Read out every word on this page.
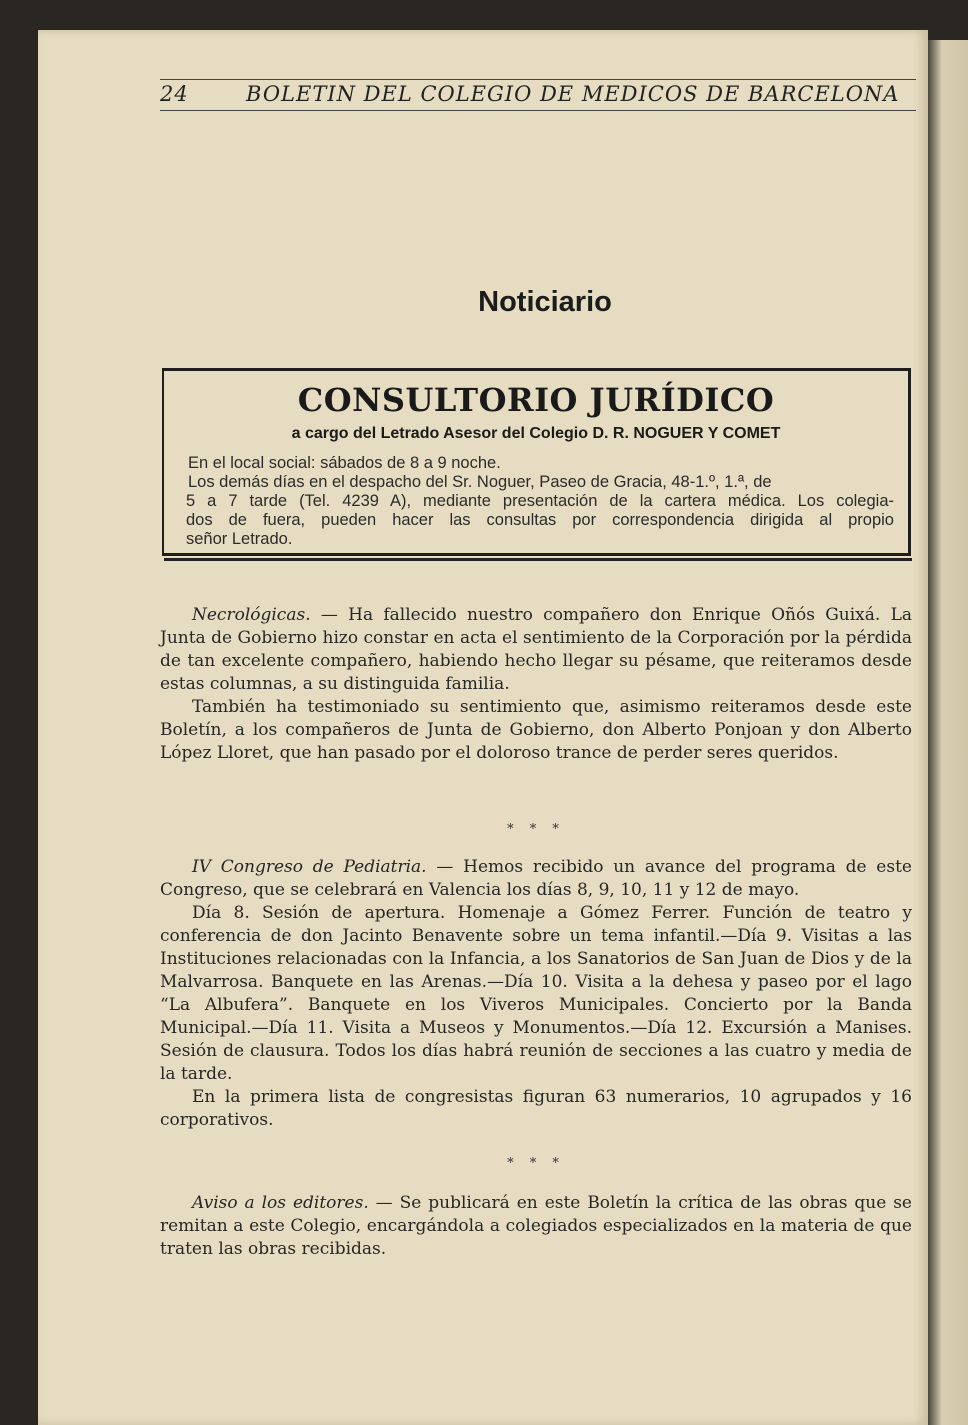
24	BOLETIN DEL COLEGIO DE MEDICOS DE BARCELONA
Noticiario
CONSULTORIO JURÍDICO
a cargo del Letrado Asesor del Colegio D. R. NOGUER Y COMET
En el local social: sábados de 8 a 9 noche.
Los demás días en el despacho del Sr. Noguer, Paseo de Gracia, 48-1.º, 1.ª, de
5 a 7 tarde (Tel. 4239 A), mediante presentación de la cartera médica. Los colegia-
dos de fuera, pueden hacer las consultas por correspondencia dirigida al propio
señor Letrado.

Necrológicas. — Ha fallecido nuestro compañero don Enrique Oñós Guixá. La Junta de Gobierno hizo constar en acta el sentimiento de la Corporación por la pérdida de tan excelente compañero, habiendo hecho llegar su pésame, que reiteramos desde estas columnas, a su distinguida familia.

También ha testimoniado su sentimiento que, asimismo reiteramos desde este Boletín, a los compañeros de Junta de Gobierno, don Alberto Ponjoan y don Alberto López Lloret, que han pasado por el doloroso trance de perder seres queridos.

* * *

IV Congreso de Pediatria. — Hemos recibido un avance del programa de este Congreso, que se celebrará en Valencia los días 8, 9, 10, 11 y 12 de mayo.

Día 8. Sesión de apertura. Homenaje a Gómez Ferrer. Función de teatro y conferencia de don Jacinto Benavente sobre un tema infantil.—Día 9. Visitas a las Instituciones relacionadas con la Infancia, a los Sanatorios de San Juan de Dios y de la Malvarrosa. Banquete en las Arenas.—Día 10. Visita a la dehesa y paseo por el lago “La Albufera”. Banquete en los Viveros Municipales. Concierto por la Banda Municipal.—Día 11. Visita a Museos y Monumentos.—Día 12. Excursión a Manises. Sesión de clausura. Todos los días habrá reunión de secciones a las cuatro y media de la tarde.

En la primera lista de congresistas figuran 63 numerarios, 10 agrupados y 16 corporativos.

* * *

Aviso a los editores. — Se publicará en este Boletín la crítica de las obras que se remitan a este Colegio, encargándola a colegiados especializados en la materia de que traten las obras recibidas.
